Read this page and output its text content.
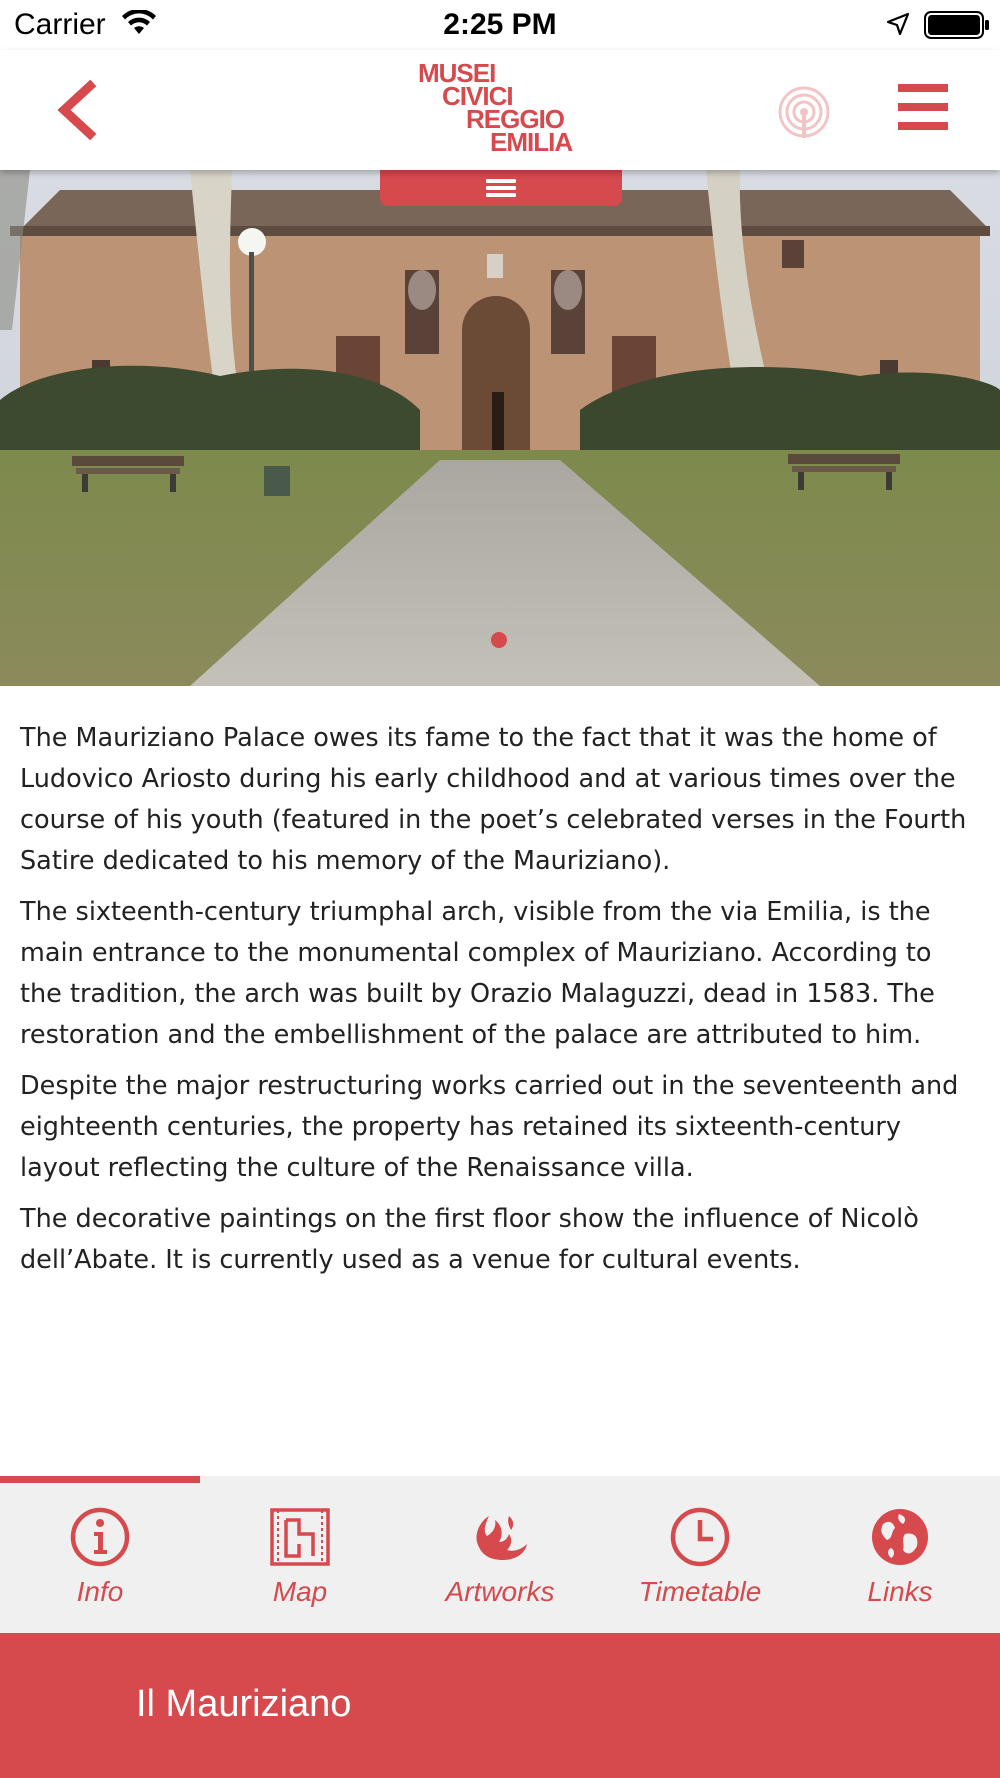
Carrier	2:25 PM
MUSEI
CIVICI
REGGIO
EMILIA

The Mauriziano Palace owes its fame to the fact that it was the home of Ludovico Ariosto during his early childhood and at various times over the course of his youth (featured in the poet’s celebrated verses in the Fourth Satire dedicated to his memory of the Mauriziano).

The sixteenth-century triumphal arch, visible from the via Emilia, is the main entrance to the monumental complex of Mauriziano. According to the tradition, the arch was built by Orazio Malaguzzi, dead in 1583. The restoration and the embellishment of the palace are attributed to him.

Despite the major restructuring works carried out in the seventeenth and eighteenth centuries, the property has retained its sixteenth-century layout reflecting the culture of the Renaissance villa.

The decorative paintings on the first floor show the influence of Nicolò dell’Abate. It is currently used as a venue for cultural events.

Info	Map	Artworks	Timetable	Links
Il Mauriziano
